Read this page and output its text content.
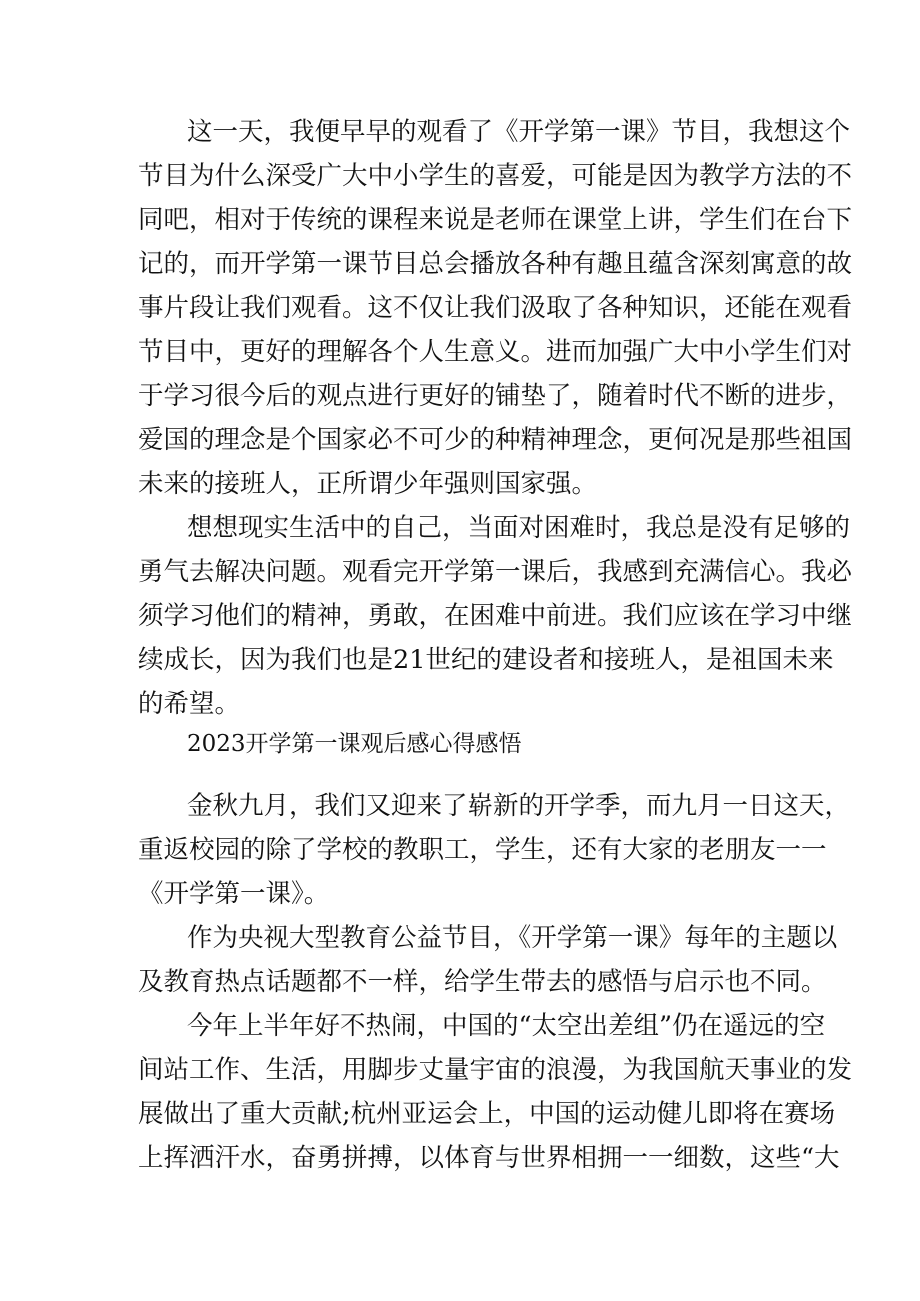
这一天，我便早早的观看了《开学第一课》节目，我想这个
节目为什么深受广大中小学生的喜爱，可能是因为教学方法的不
同吧，相对于传统的课程来说是老师在课堂上讲，学生们在台下
记的，而开学第一课节目总会播放各种有趣且蕴含深刻寓意的故
事片段让我们观看。这不仅让我们汲取了各种知识，还能在观看
节目中，更好的理解各个人生意义。进而加强广大中小学生们对
于学习很今后的观点进行更好的铺垫了，随着时代不断的进步，
爱国的理念是个国家必不可少的种精神理念，更何况是那些祖国
未来的接班人，正所谓少年强则国家强。
想想现实生活中的自己，当面对困难时，我总是没有足够的
勇气去解决问题。观看完开学第一课后，我感到充满信心。我必
须学习他们的精神，勇敢，在困难中前进。我们应该在学习中继
续成长，因为我们也是21世纪的建设者和接班人，是祖国未来
的希望。
2023开学第一课观后感心得感悟
金秋九月，我们又迎来了崭新的开学季，而九月一日这天，
重返校园的除了学校的教职工，学生，还有大家的老朋友一一
《开学第一课》。
作为央视大型教育公益节目，《开学第一课》每年的主题以
及教育热点话题都不一样，给学生带去的感悟与启示也不同。
今年上半年好不热闹，中国的“太空出差组”仍在遥远的空
间站工作、生活，用脚步丈量宇宙的浪漫，为我国航天事业的发
展做出了重大贡献;杭州亚运会上，中国的运动健儿即将在赛场
上挥洒汗水，奋勇拼搏，以体育与世界相拥一一细数，这些“大
